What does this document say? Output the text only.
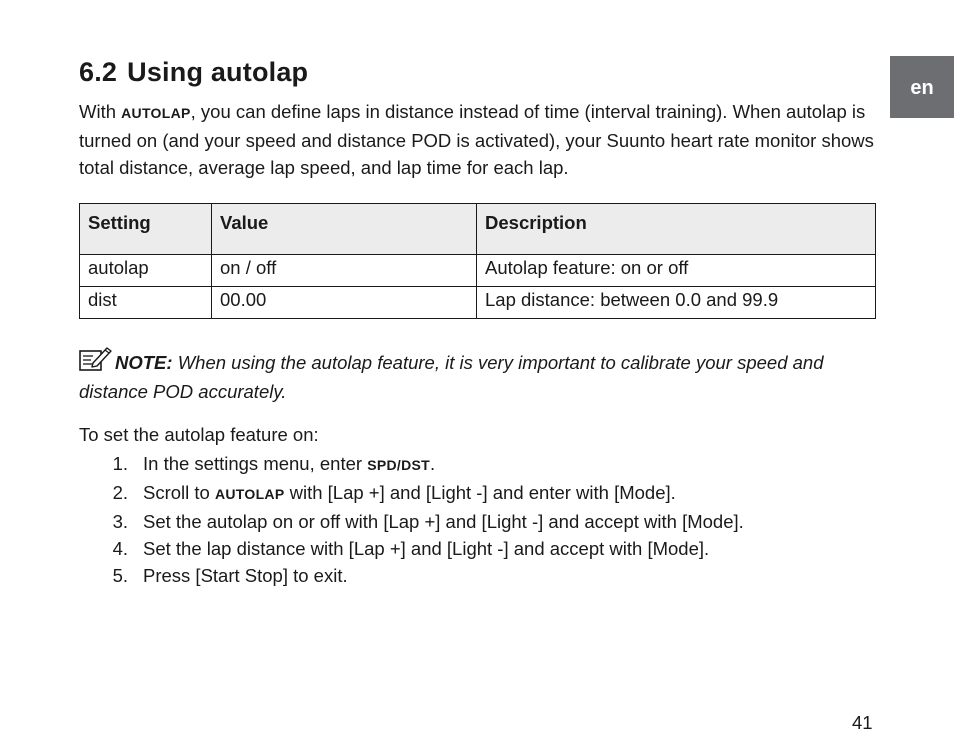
en
6.2 Using autolap

With AUTOLAP, you can define laps in distance instead of time (interval training). When autolap is turned on (and your speed and distance POD is activated), your Suunto heart rate monitor shows total distance, average lap speed, and lap time for each lap.

Setting	Value	Description
autolap	on / off	Autolap feature: on or off
dist	00.00	Lap distance: between 0.0 and 99.9

NOTE: When using the autolap feature, it is very important to calibrate your speed and distance POD accurately.

To set the autolap feature on:

1. In the settings menu, enter SPD/DST.
2. Scroll to AUTOLAP with [Lap +] and [Light -] and enter with [Mode].
3. Set the autolap on or off with [Lap +] and [Light -] and accept with [Mode].
4. Set the lap distance with [Lap +] and [Light -] and accept with [Mode].
5. Press [Start Stop] to exit.
41
